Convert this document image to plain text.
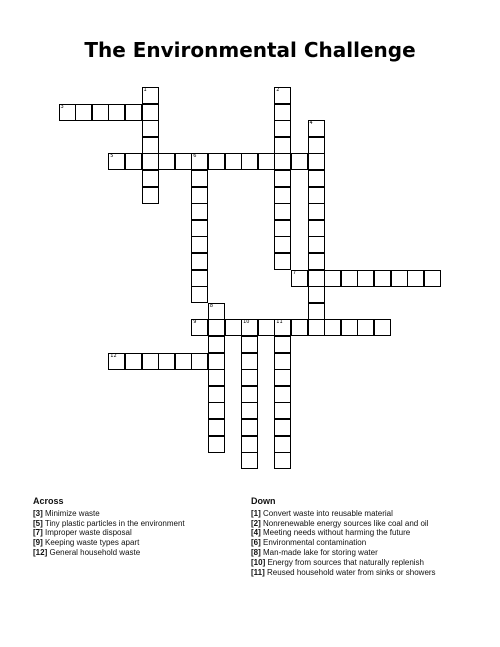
The Environmental Challenge
1	2
3
4
5	6
7
8
9	10	11
12
Across
[3] Minimize waste
[5] Tiny plastic particles in the environment
[7] Improper waste disposal
[9] Keeping waste types apart
[12] General household waste
Down
[1] Convert waste into reusable material
[2] Nonrenewable energy sources like coal and oil
[4] Meeting needs without harming the future
[6] Environmental contamination
[8] Man-made lake for storing water
[10] Energy from sources that naturally replenish
[11] Reused household water from sinks or showers
